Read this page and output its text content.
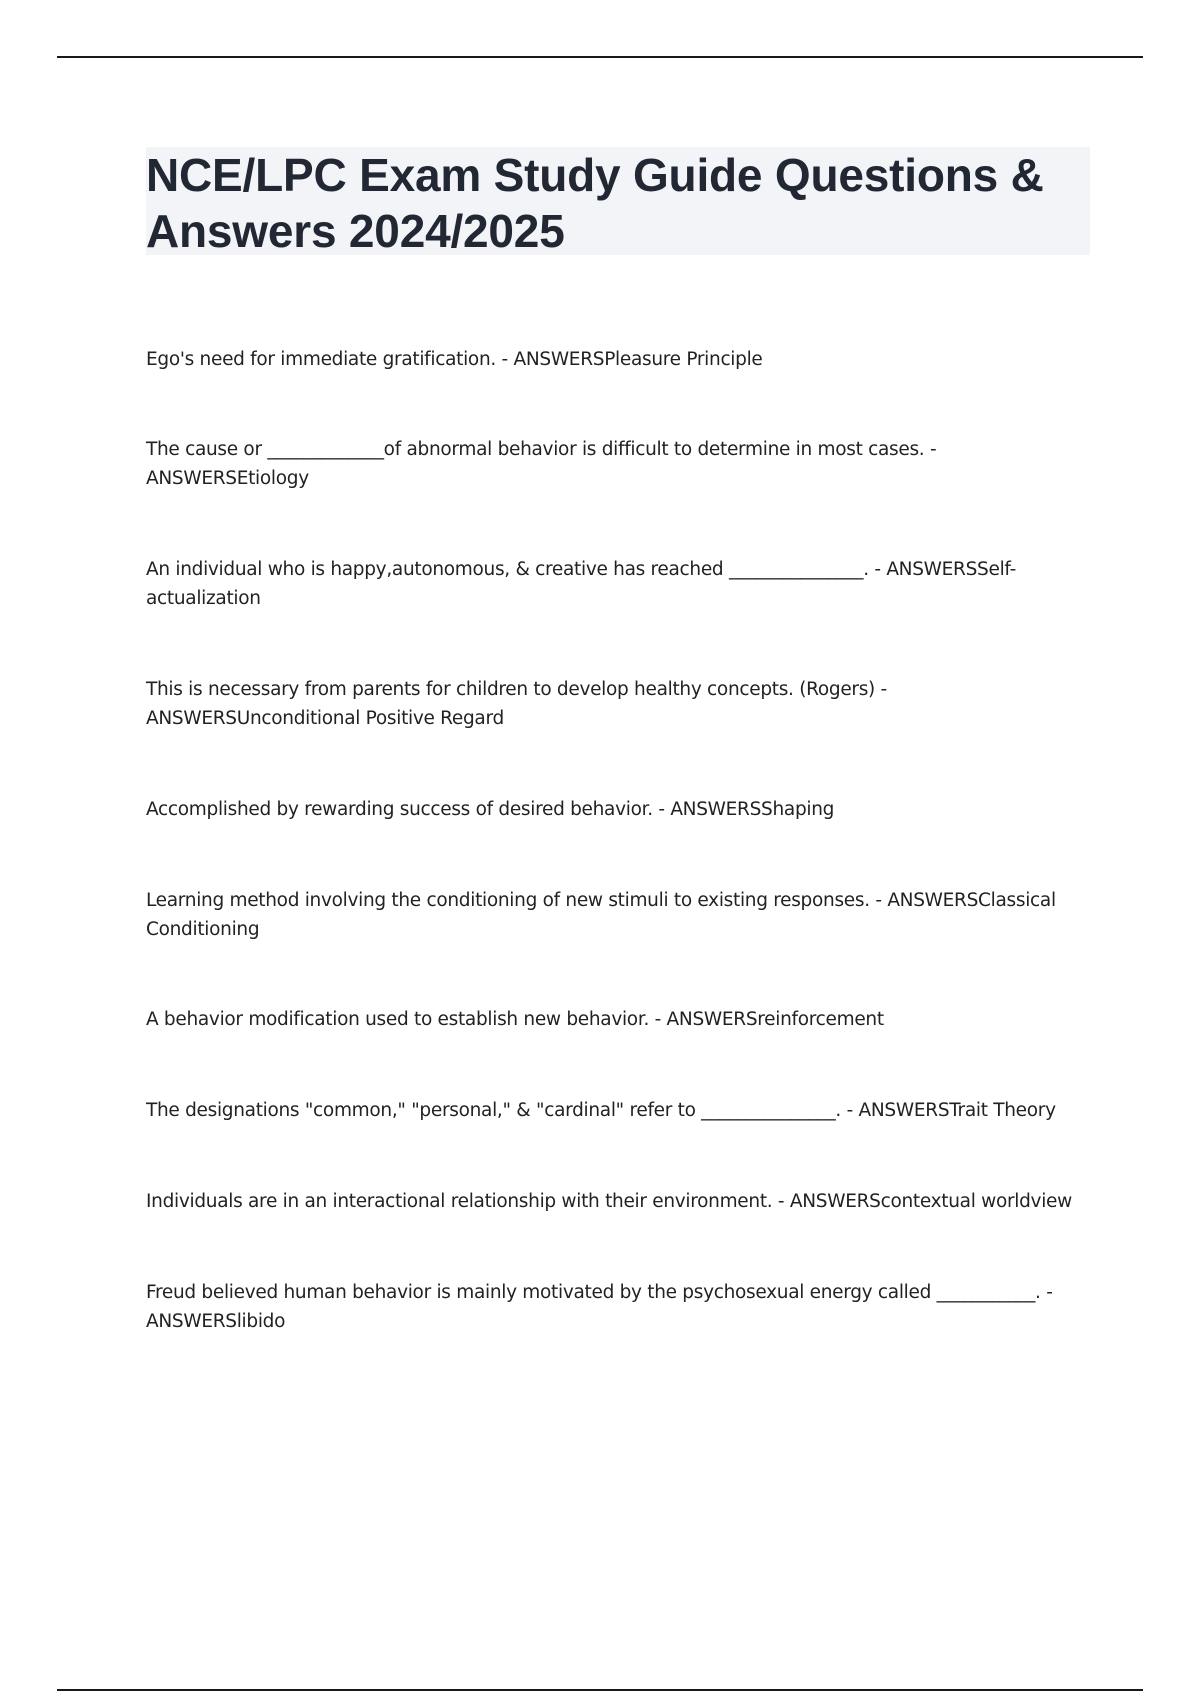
NCE/LPC Exam Study Guide Questions & Answers 2024/2025

Ego's need for immediate gratification. - ANSWERSPleasure Principle

The cause or _____________of abnormal behavior is difficult to determine in most cases. - ANSWERSEtiology

An individual who is happy,autonomous, & creative has reached _______________. - ANSWERSSelf-actualization

This is necessary from parents for children to develop healthy concepts. (Rogers) - ANSWERSUnconditional Positive Regard

Accomplished by rewarding success of desired behavior. - ANSWERSShaping

Learning method involving the conditioning of new stimuli to existing responses. - ANSWERSClassical Conditioning

A behavior modification used to establish new behavior. - ANSWERSreinforcement

The designations "common," "personal," & "cardinal" refer to _______________. - ANSWERSTrait Theory

Individuals are in an interactional relationship with their environment. - ANSWERScontextual worldview

Freud believed human behavior is mainly motivated by the psychosexual energy called ___________. - ANSWERSlibido
